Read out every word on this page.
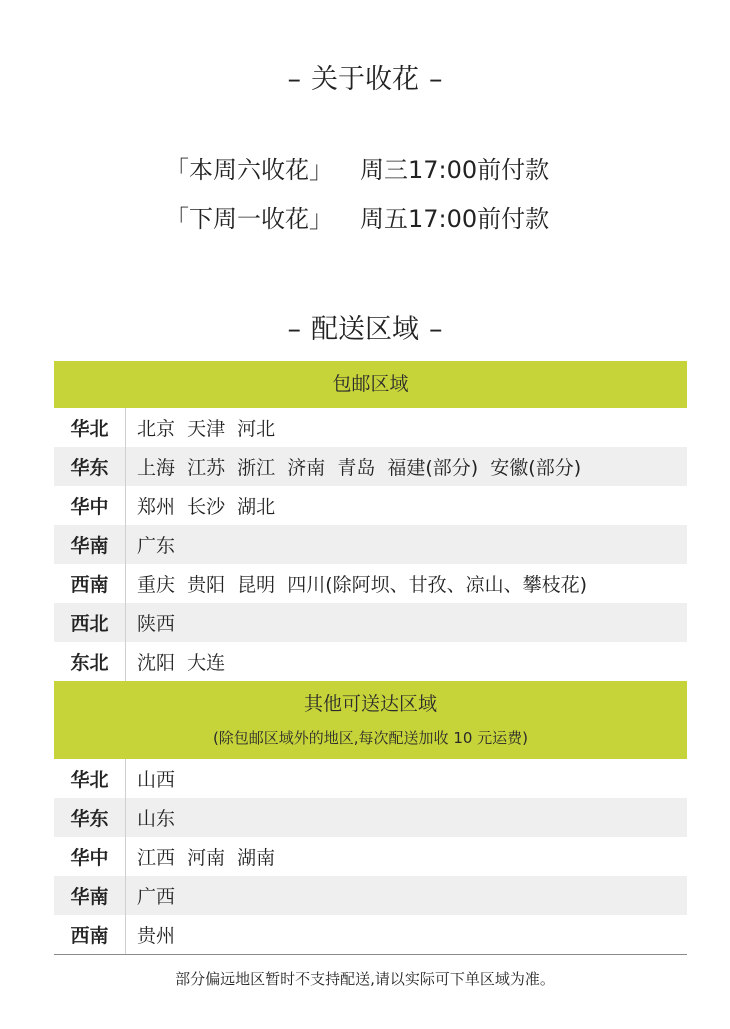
– 关于收花 –
「本周六收花」 周三17:00前付款
「下周一收花」 周五17:00前付款
– 配送区域 –
包邮区域
华北	北京  天津  河北
华东	上海  江苏  浙江  济南  青岛  福建(部分)  安徽(部分)
华中	郑州  长沙  湖北
华南	广东
西南	重庆  贵阳  昆明  四川(除阿坝、甘孜、凉山、攀枝花)
西北	陕西
东北	沈阳  大连
其他可送达区域
(除包邮区域外的地区,每次配送加收 10 元运费)
华北	山西
华东	山东
华中	江西  河南  湖南
华南	广西
西南	贵州
部分偏远地区暂时不支持配送,请以实际可下单区域为准。
